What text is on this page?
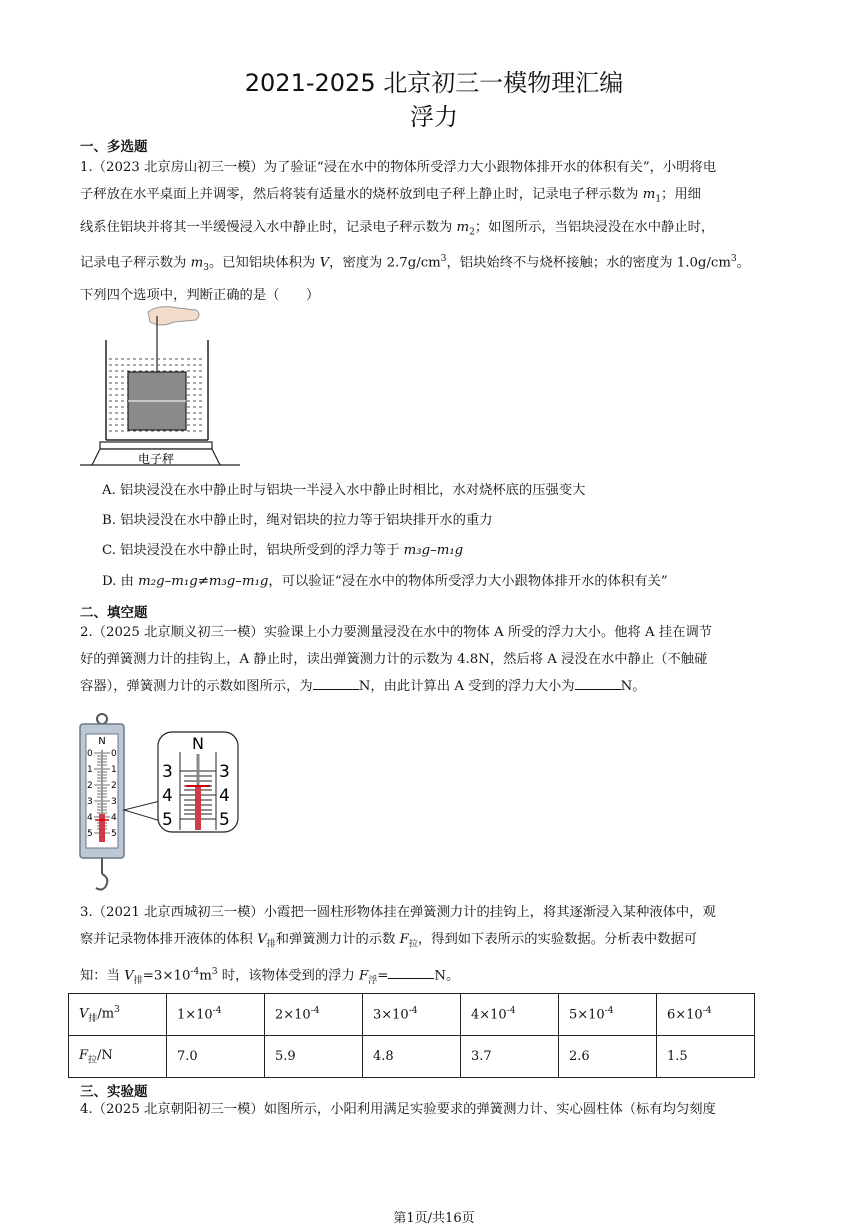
2021-2025 北京初三一模物理汇编
浮力
一、多选题
1.（2023 北京房山初三一模）为了验证“浸在水中的物体所受浮力大小跟物体排开水的体积有关”，小明将电
子秤放在水平桌面上并调零，然后将装有适量水的烧杯放到电子秤上静止时，记录电子秤示数为 $m_1$；用细
线系住铝块并将其一半缓慢浸入水中静止时，记录电子秤示数为 $m_2$；如图所示，当铝块浸没在水中静止时，
记录电子秤示数为 $m_3$。已知铝块体积为 V，密度为 $2.7g/cm^3$，铝块始终不与烧杯接触；水的密度为 $1.0g/cm^3$。
下列四个选项中，判断正确的是（　　）
电子秤
A. 铝块浸没在水中静止时与铝块一半浸入水中静止时相比，水对烧杯底的压强变大
B. 铝块浸没在水中静止时，绳对铝块的拉力等于铝块排开水的重力
C. 铝块浸没在水中静止时，铝块所受到的浮力等于 m₃g–m₁g
D. 由 m₂g–m₁g≠m₃g–m₁g，可以验证“浸在水中的物体所受浮力大小跟物体排开水的体积有关”
二、填空题
2.（2025 北京顺义初三一模）实验课上小力要测量浸没在水中的物体 A 所受的浮力大小。他将 A 挂在调节
好的弹簧测力计的挂钩上，A 静止时，读出弹簧测力计的示数为 4.8N，然后将 A 浸没在水中静止（不触碰
容器），弹簧测力计的示数如图所示，为	N，由此计算出 A 受到的浮力大小为	N。
N
0
1
2
3
4
5
0
1
2
3
4
5
N
3
4
5
3
4
5
3.（2021 北京西城初三一模）小霞把一圆柱形物体挂在弹簧测力计的挂钩上，将其逐渐浸入某种液体中，观
察并记录物体排开液体的体积 $V_排$和弹簧测力计的示数 $F_拉$，得到如下表所示的实验数据。分析表中数据可
知：当 $V_排=3\times 10^{-4}m^3$ 时，该物体受到的浮力 $F_浮=$	N。
$V_排/m^3$	$1\times 10^{-4}$	$2\times 10^{-4}$	$3\times 10^{-4}$	$4\times 10^{-4}$	$5\times 10^{-4}$	$6\times 10^{-4}$
$F_拉/N$	7.0	5.9	4.8	3.7	2.6	1.5
三、实验题
4.（2025 北京朝阳初三一模）如图所示，小阳利用满足实验要求的弹簧测力计、实心圆柱体（标有均匀刻度
第1页/共16页
